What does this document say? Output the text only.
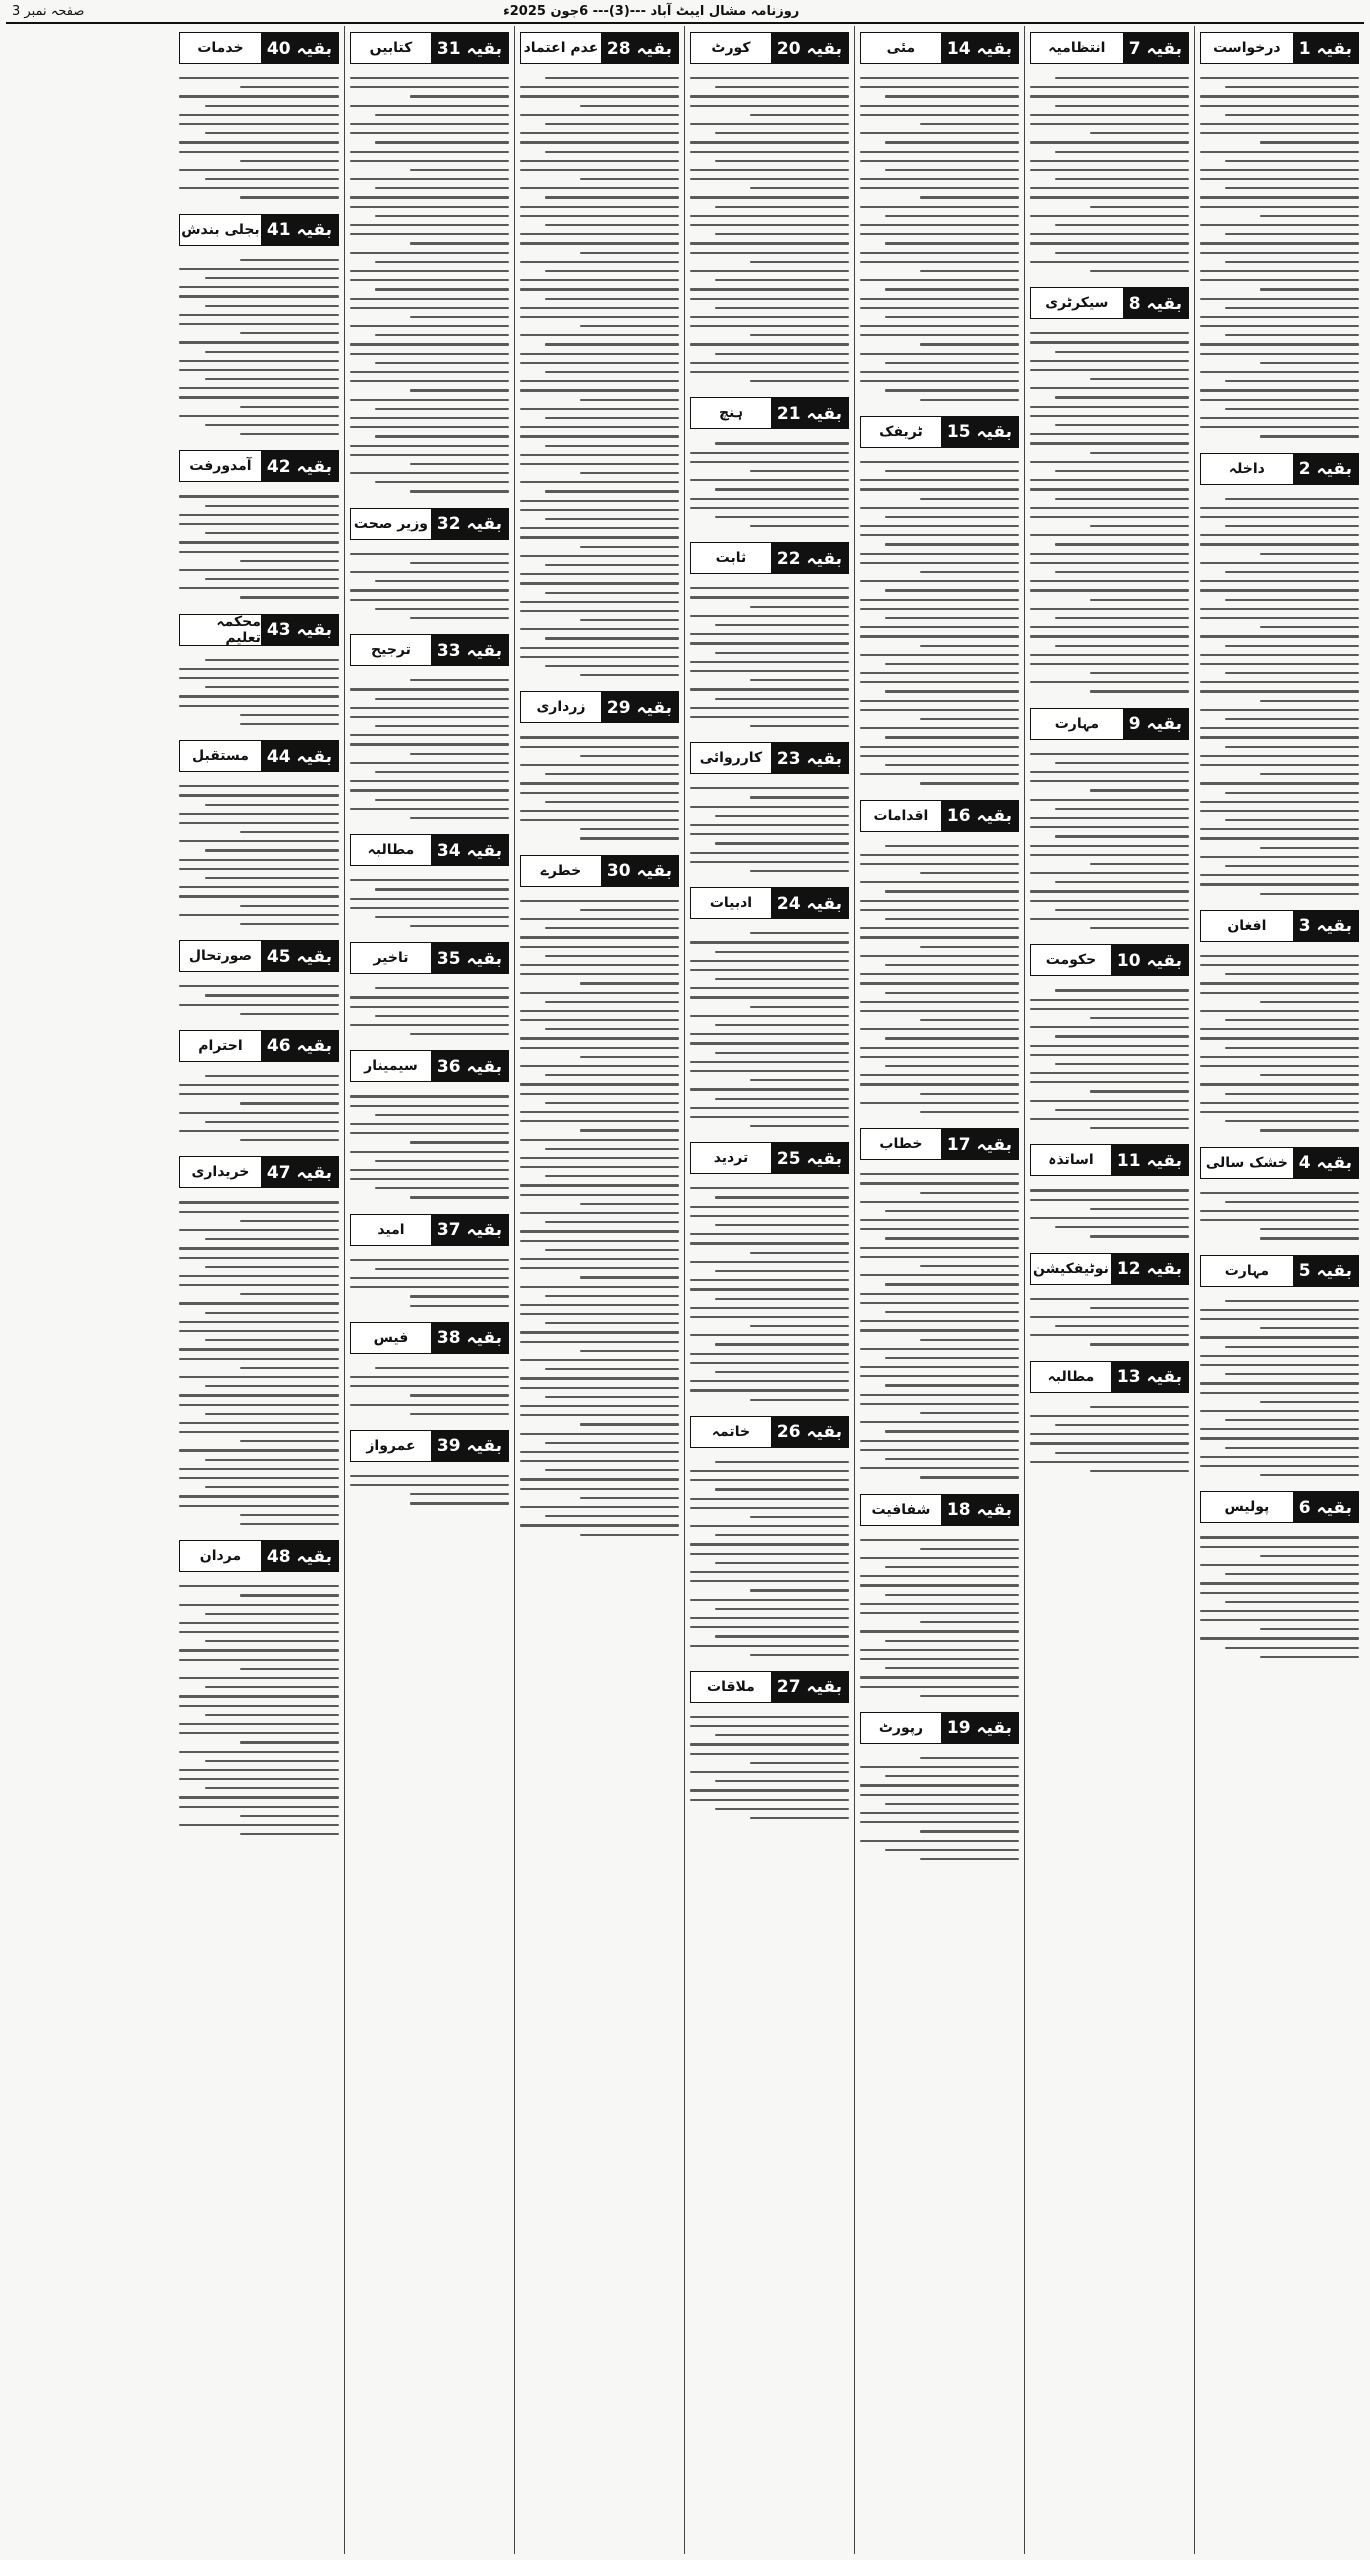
صفحہ نمبر 3	روزنامہ مشال ایبٹ آباد ---(3)--- 6جون 2025ء
بقیہ 1
درخواست
بقیہ 2
داخلہ
بقیہ 3
افغان
بقیہ 4
خشک سالی
بقیہ 5
مہارت
بقیہ 6
پولیس
بقیہ 7
انتظامیہ
بقیہ 8
سیکرٹری
بقیہ 9
مہارت
بقیہ 10
حکومت
بقیہ 11
اساتذہ
بقیہ 12
نوٹیفکیشن
بقیہ 13
مطالبہ
بقیہ 14
مئی
بقیہ 15
ٹریفک
بقیہ 16
اقدامات
بقیہ 17
خطاب
بقیہ 18
شفافیت
بقیہ 19
رپورٹ
بقیہ 20
کورٹ
بقیہ 21
ہنچ
بقیہ 22
ثابت
بقیہ 23
کارروائی
بقیہ 24
ادبیات
بقیہ 25
تردید
بقیہ 26
خاتمہ
بقیہ 27
ملاقات
بقیہ 28
عدم اعتماد
بقیہ 29
زرداری
بقیہ 30
خطرے
بقیہ 31
کتابیں
بقیہ 32
وزیر صحت
بقیہ 33
ترجیح
بقیہ 34
مطالبہ
بقیہ 35
تاخیر
بقیہ 36
سیمینار
بقیہ 37
امید
بقیہ 38
فیس
بقیہ 39
عمرواز
بقیہ 40
خدمات
بقیہ 41
بجلی بندش
بقیہ 42
آمدورفت
بقیہ 43
محکمہ تعلیم
بقیہ 44
مستقبل
بقیہ 45
صورتحال
بقیہ 46
احترام
بقیہ 47
خریداری
بقیہ 48
مردان
